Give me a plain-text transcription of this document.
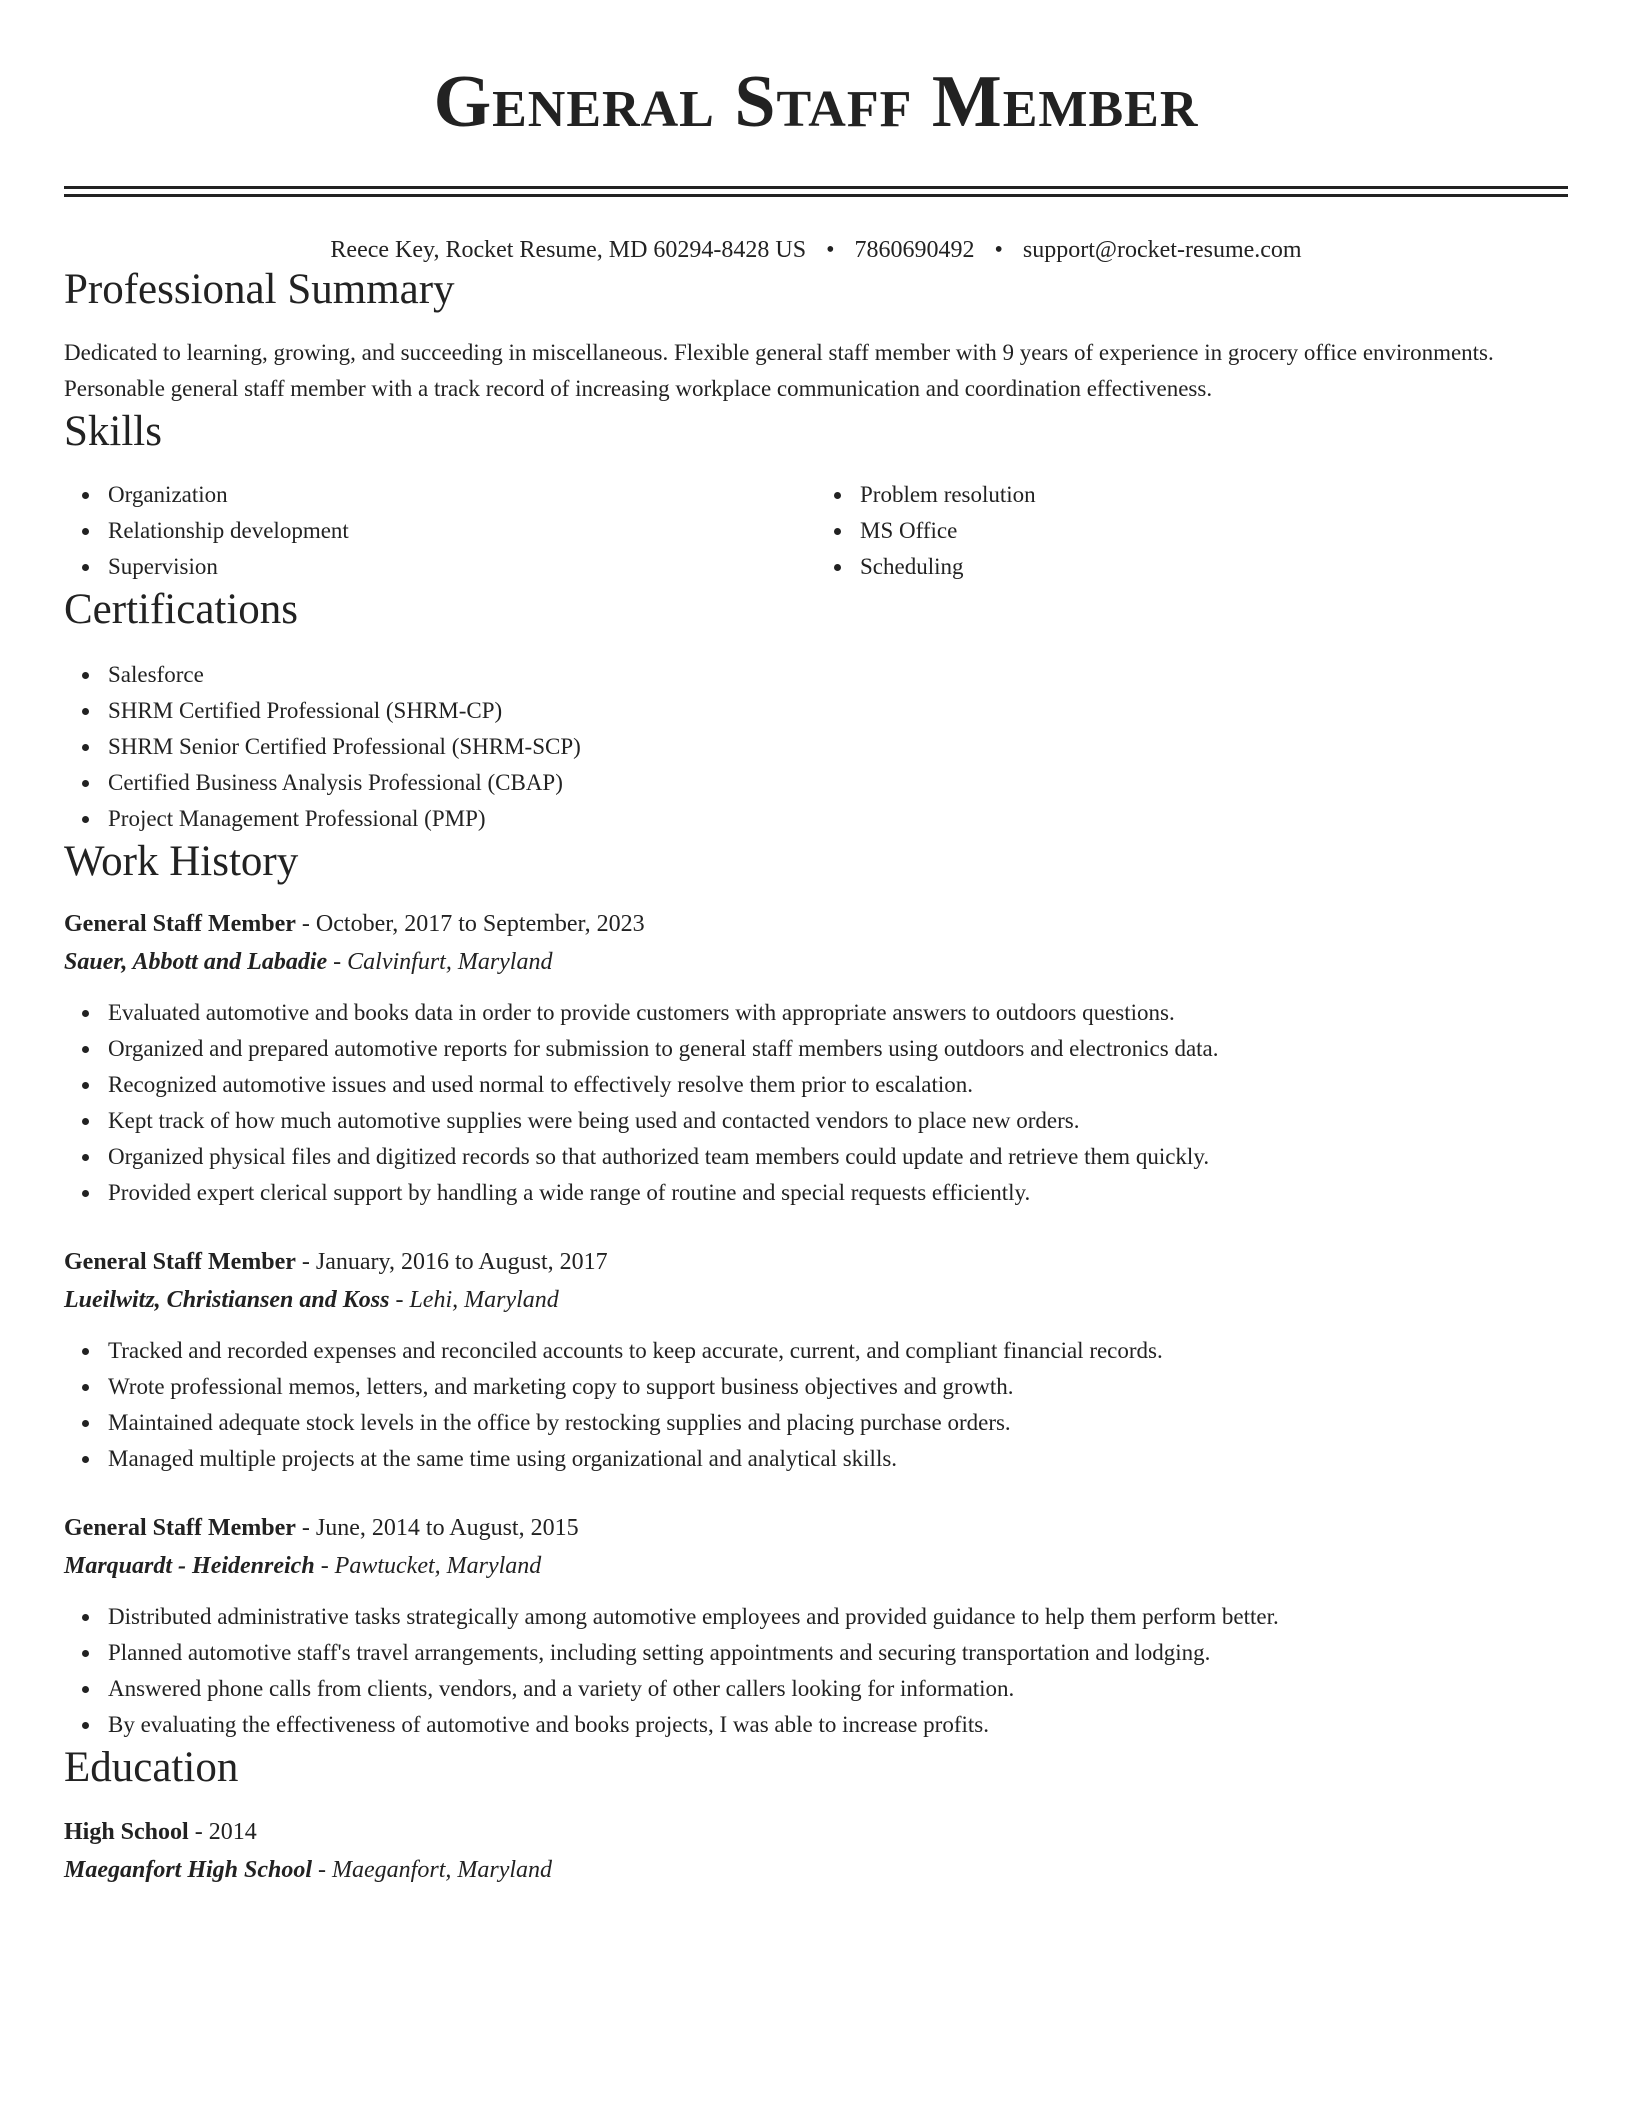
General Staff Member
Reece Key, Rocket Resume, MD 60294-8428 US • 7860690492 • support@rocket-resume.com
Professional Summary
Dedicated to learning, growing, and succeeding in miscellaneous. Flexible general staff member with 9 years of experience in grocery office environments. Personable general staff member with a track record of increasing workplace communication and coordination effectiveness.
Skills
Organization
Relationship development
Supervision
Problem resolution
MS Office
Scheduling
Certifications
Salesforce
SHRM Certified Professional (SHRM-CP)
SHRM Senior Certified Professional (SHRM-SCP)
Certified Business Analysis Professional (CBAP)
Project Management Professional (PMP)
Work History
General Staff Member - October, 2017 to September, 2023
Sauer, Abbott and Labadie - Calvinfurt, Maryland
Evaluated automotive and books data in order to provide customers with appropriate answers to outdoors questions.
Organized and prepared automotive reports for submission to general staff members using outdoors and electronics data.
Recognized automotive issues and used normal to effectively resolve them prior to escalation.
Kept track of how much automotive supplies were being used and contacted vendors to place new orders.
Organized physical files and digitized records so that authorized team members could update and retrieve them quickly.
Provided expert clerical support by handling a wide range of routine and special requests efficiently.
General Staff Member - January, 2016 to August, 2017
Lueilwitz, Christiansen and Koss - Lehi, Maryland
Tracked and recorded expenses and reconciled accounts to keep accurate, current, and compliant financial records.
Wrote professional memos, letters, and marketing copy to support business objectives and growth.
Maintained adequate stock levels in the office by restocking supplies and placing purchase orders.
Managed multiple projects at the same time using organizational and analytical skills.
General Staff Member - June, 2014 to August, 2015
Marquardt - Heidenreich - Pawtucket, Maryland
Distributed administrative tasks strategically among automotive employees and provided guidance to help them perform better.
Planned automotive staff's travel arrangements, including setting appointments and securing transportation and lodging.
Answered phone calls from clients, vendors, and a variety of other callers looking for information.
By evaluating the effectiveness of automotive and books projects, I was able to increase profits.
Education
High School - 2014
Maeganfort High School - Maeganfort, Maryland
